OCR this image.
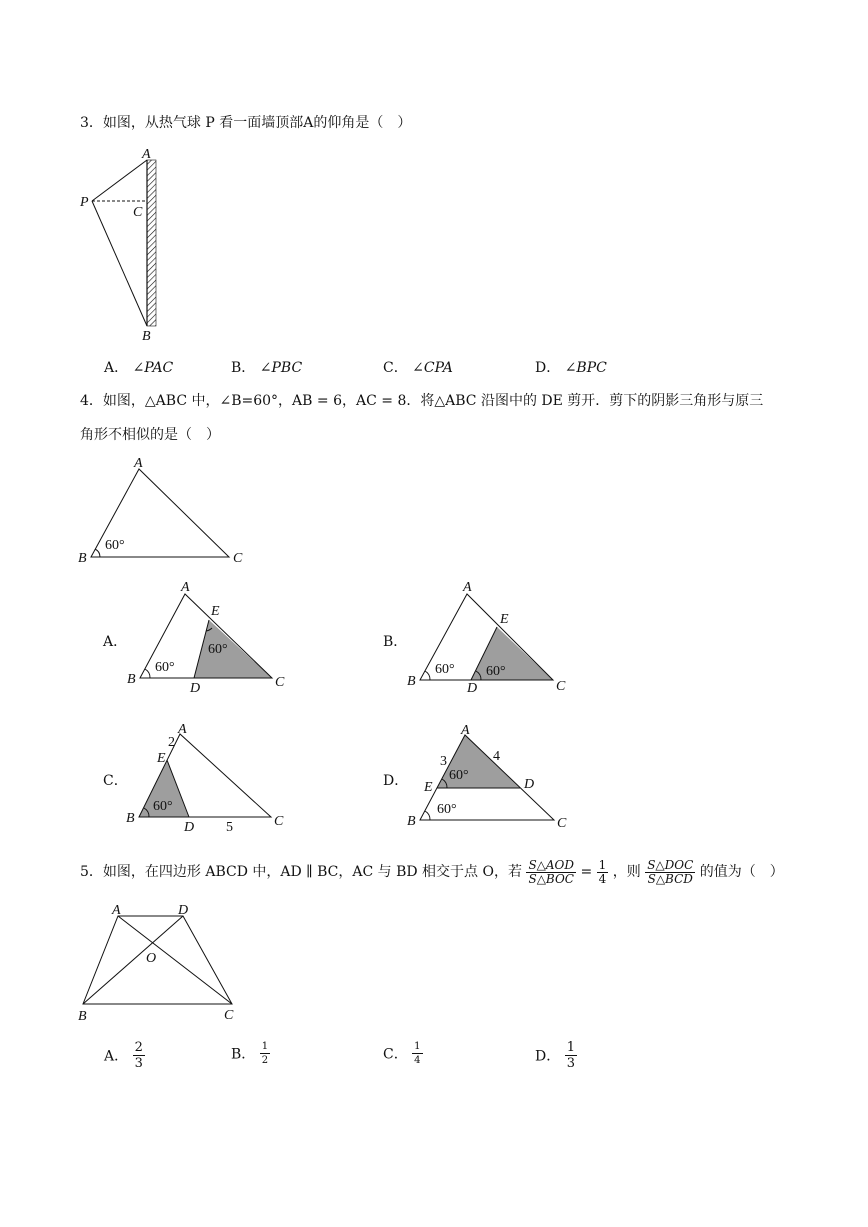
3．如图，从热气球 P 看一面墙顶部A的仰角是（　）
A
P
C
B
A． ∠PAC	B． ∠PBC	C． ∠CPA	D． ∠BPC
4．如图，△ABC 中，∠B=60°，AB = 6，AC = 8．将△ABC 沿图中的 DE 剪开．剪下的阴影三角形与原三
角形不相似的是（　）
A
B	C
60°
A．
A
B	C
D
E
60°
60°	B．
A
B	C
D
E
60° 60°
C．
A
B	C
D
E
60°
2
5
D．
A
B	C
D
E
60°
60°
3	4
5．如图，在四边形 ABCD 中，AD ∥ BC，AC 与 BD 相交于点 O，若 $\frac{\text{S△AOD}}{\text{S△BOC}} = \frac{1}{4}$ ，则 $\frac{\text{S△DOC}}{\text{S△BCD}}$ 的值为（　）
A	D
O
B	C
A． $\frac{2}{3}$	B． $\frac{1}{2}$	C． $\frac{1}{4}$	D． $\frac{1}{3}$
